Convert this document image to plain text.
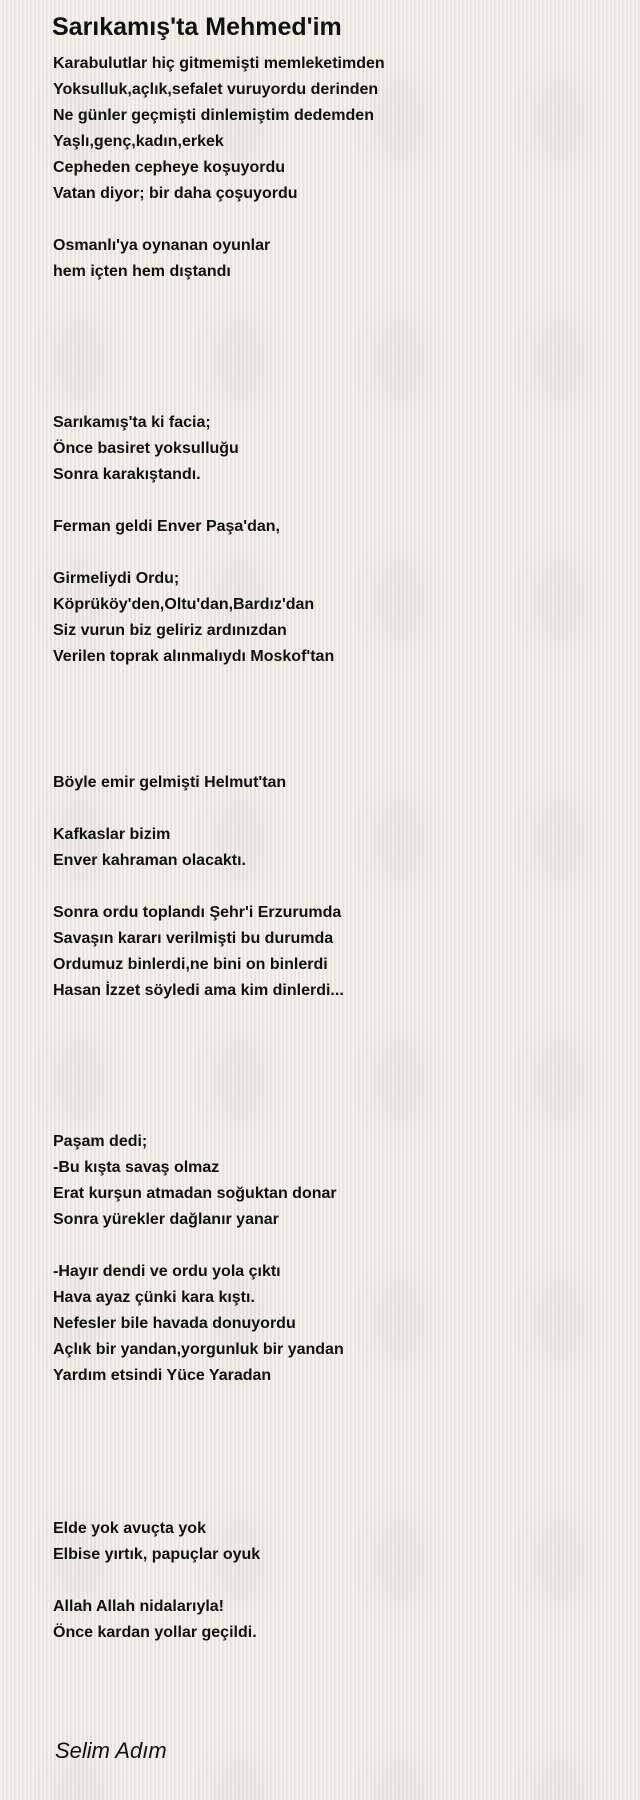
Sarıkamış'ta Mehmed'im
Karabulutlar hiç gitmemişti memleketimden
Yoksulluk,açlık,sefalet vuruyordu derinden
Ne günler geçmişti dinlemiştim dedemden
Yaşlı,genç,kadın,erkek
Cepheden cepheye koşuyordu
Vatan diyor; bir daha çoşuyordu
Osmanlı'ya oynanan oyunlar
hem içten hem dıştandı
Sarıkamış'ta ki facia;
Önce basiret yoksulluğu
Sonra karakıştandı.
Ferman geldi Enver Paşa'dan,
Girmeliydi Ordu;
Köprüköy'den,Oltu'dan,Bardız'dan
Siz vurun biz geliriz ardınızdan
Verilen toprak alınmalıydı Moskof'tan
Böyle emir gelmişti Helmut'tan
Kafkaslar bizim
Enver kahraman olacaktı.
Sonra ordu toplandı Şehr'i Erzurumda
Savaşın kararı verilmişti bu durumda
Ordumuz binlerdi,ne bini on binlerdi
Hasan İzzet söyledi ama kim dinlerdi...
Paşam dedi;
-Bu kışta savaş olmaz
Erat kurşun atmadan soğuktan donar
Sonra yürekler dağlanır yanar
-Hayır dendi ve ordu yola çıktı
Hava ayaz çünki kara kıştı.
Nefesler bile havada donuyordu
Açlık bir yandan,yorgunluk bir yandan
Yardım etsindi Yüce Yaradan
Elde yok avuçta yok
Elbise yırtık, papuçlar oyuk
Allah Allah nidalarıyla!
Önce kardan yollar geçildi.
Selim Adım
